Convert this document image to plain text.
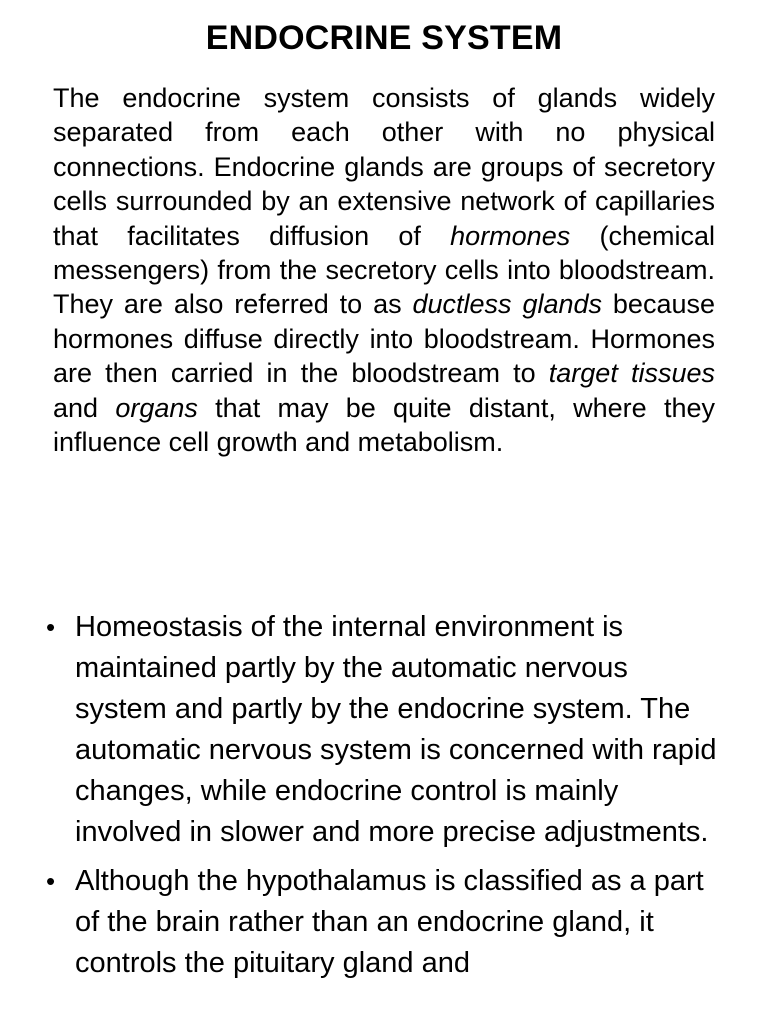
ENDOCRINE SYSTEM

The endocrine system consists of glands widely separated from each other with no physical connections. Endocrine glands are groups of secretory cells surrounded by an extensive network of capillaries that facilitates diffusion of hormones (chemical messengers) from the secretory cells into bloodstream. They are also referred to as ductless glands because hormones diffuse directly into bloodstream. Hormones are then carried in the bloodstream to target tissues and organs that may be quite distant, where they influence cell growth and metabolism.

• Homeostasis of the internal environment is maintained partly by the automatic nervous system and partly by the endocrine system. The automatic nervous system is concerned with rapid changes, while endocrine control is mainly involved in slower and more precise adjustments.
• Although the hypothalamus is classified as a part of the brain rather than an endocrine gland, it controls the pituitary gland and
